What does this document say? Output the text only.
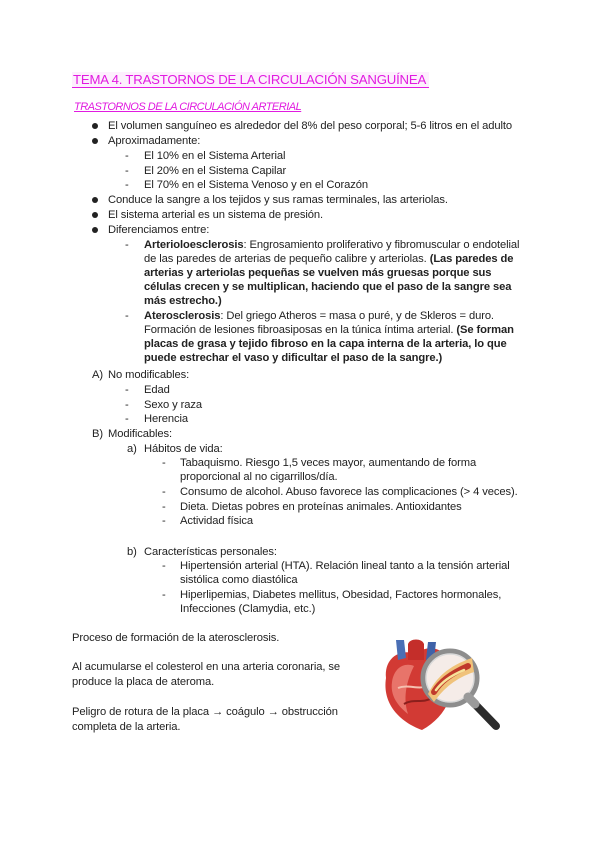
TEMA 4. TRASTORNOS DE LA CIRCULACIÓN SANGUÍNEA
TRASTORNOS DE LA CIRCULACIÓN ARTERIAL
El volumen sanguíneo es alrededor del 8% del peso corporal; 5-6 litros en el adulto
Aproximadamente:
- El 10% en el Sistema Arterial
- El 20% en el Sistema Capilar
- El 70% en el Sistema Venoso y en el Corazón
Conduce la sangre a los tejidos y sus ramas terminales, las arteriolas.
El sistema arterial es un sistema de presión.
Diferenciamos entre:
- Arterioloesclerosis: Engrosamiento proliferativo y fibromuscular o endotelial
de las paredes de arterias de pequeño calibre y arteriolas. (Las paredes de
arterias y arteriolas pequeñas se vuelven más gruesas porque sus
células crecen y se multiplican, haciendo que el paso de la sangre sea
más estrecho.)
- Aterosclerosis: Del griego Atheros = masa o puré, y de Skleros = duro.
Formación de lesiones fibroasiposas en la túnica íntima arterial. (Se forman
placas de grasa y tejido fibroso en la capa interna de la arteria, lo que
puede estrechar el vaso y dificultar el paso de la sangre.)
A) No modificables:
- Edad
- Sexo y raza
- Herencia
B) Modificables:
a) Hábitos de vida:
- Tabaquismo. Riesgo 1,5 veces mayor, aumentando de forma
proporcional al no cigarrillos/día.
- Consumo de alcohol. Abuso favorece las complicaciones (> 4 veces).
- Dieta. Dietas pobres en proteínas animales. Antioxidantes
- Actividad física
b) Características personales:
- Hipertensión arterial (HTA). Relación lineal tanto a la tensión arterial
sistólica como diastólica
- Hiperlipemias, Diabetes mellitus, Obesidad, Factores hormonales,
Infecciones (Clamydia, etc.)
Proceso de formación de la aterosclerosis.
Al acumularse el colesterol en una arteria coronaria, se
produce la placa de ateroma.
Peligro de rotura de la placa → coágulo → obstrucción
completa de la arteria.
